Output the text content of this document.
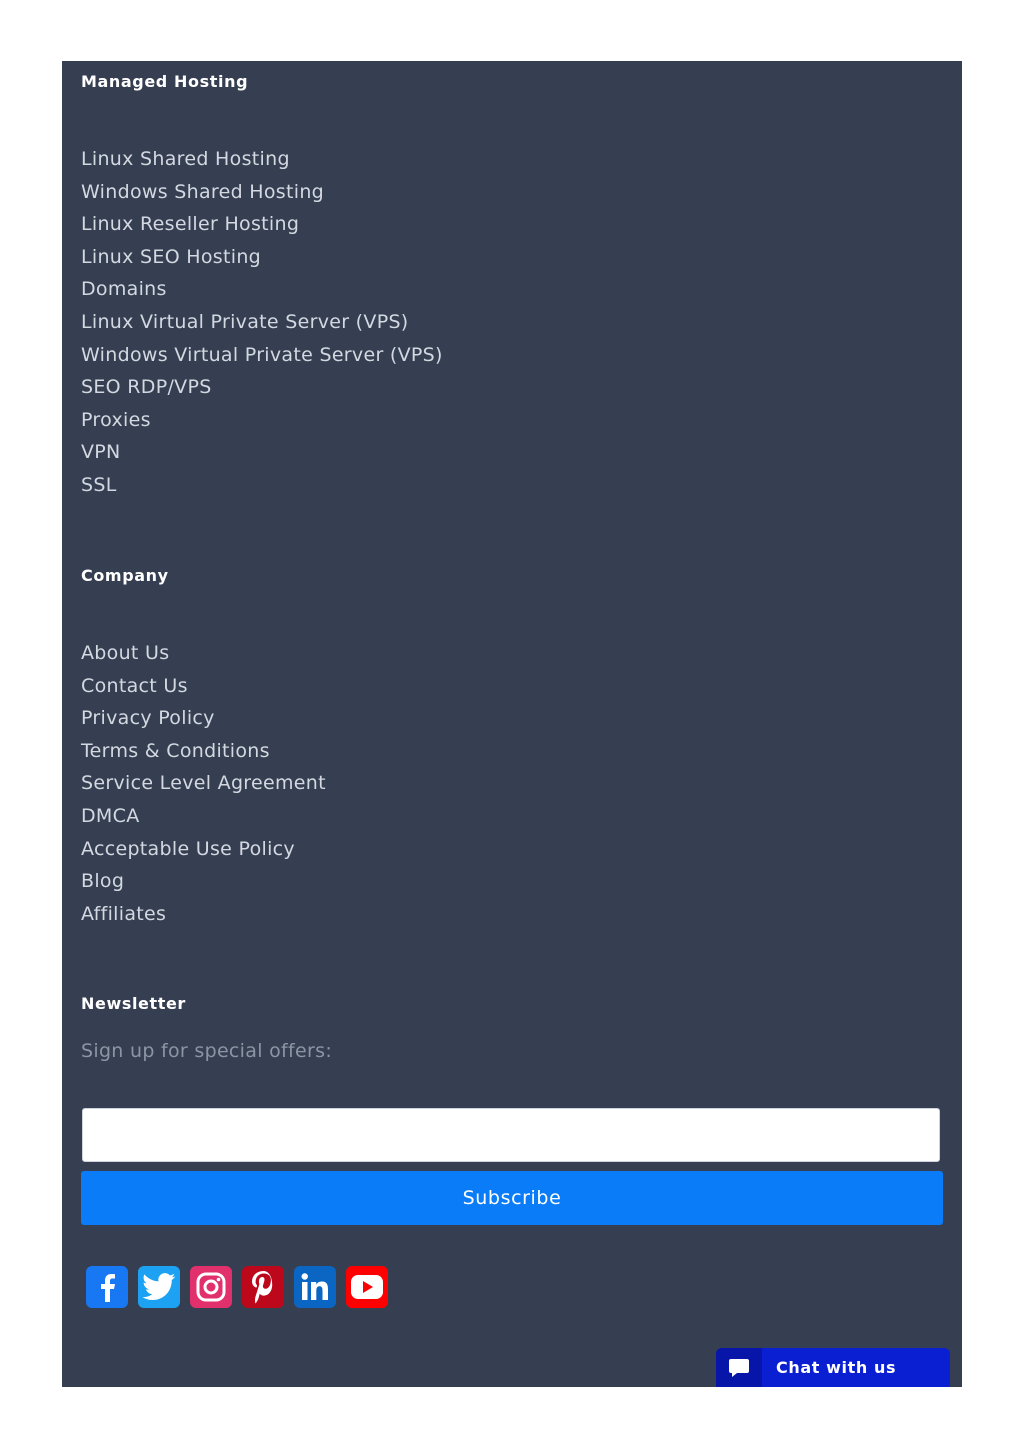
Managed Hosting
Linux Shared Hosting
Windows Shared Hosting
Linux Reseller Hosting
Linux SEO Hosting
Domains
Linux Virtual Private Server (VPS)
Windows Virtual Private Server (VPS)
SEO RDP/VPS
Proxies
VPN
SSL
Company
About Us
Contact Us
Privacy Policy
Terms & Conditions
Service Level Agreement
DMCA
Acceptable Use Policy
Blog
Affiliates
Newsletter
Sign up for special offers:
Subscribe
Chat with us
